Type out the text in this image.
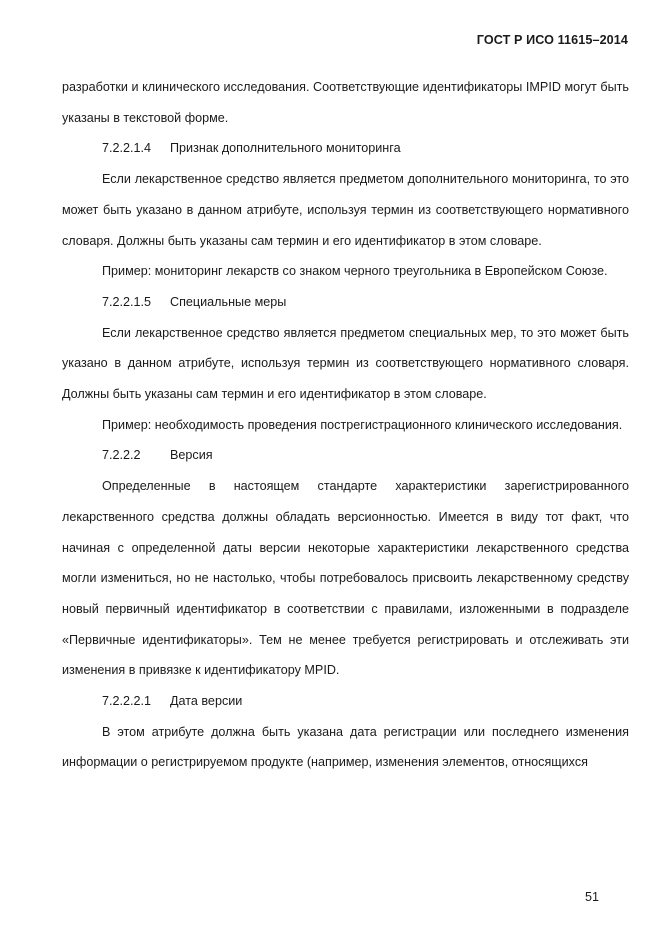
ГОСТ Р ИСО 11615–2014

разработки и клинического исследования. Соответствующие идентификаторы IMPID могут быть указаны в текстовой форме.

7.2.2.1.4 Признак дополнительного мониторинга

Если лекарственное средство является предметом дополнительного мониторинга, то это может быть указано в данном атрибуте, используя термин из соответствующего нормативного словаря. Должны быть указаны сам термин и его идентификатор в этом словаре.

Пример: мониторинг лекарств со знаком черного треугольника в Европейском Союзе.

7.2.2.1.5 Специальные меры

Если лекарственное средство является предметом специальных мер, то это может быть указано в данном атрибуте, используя термин из соответствующего нормативного словаря. Должны быть указаны сам термин и его идентификатор в этом словаре.

Пример: необходимость проведения пострегистрационного клинического исследования.

7.2.2.2 Версия

Определенные в настоящем стандарте характеристики зарегистрированного лекарственного средства должны обладать версионностью. Имеется в виду тот факт, что начиная с определенной даты версии некоторые характеристики лекарственного средства могли измениться, но не настолько, чтобы потребовалось присвоить лекарственному средству новый первичный идентификатор в соответствии с правилами, изложенными в подразделе «Первичные идентификаторы». Тем не менее требуется регистрировать и отслеживать эти изменения в привязке к идентификатору MPID.

7.2.2.2.1 Дата версии

В этом атрибуте должна быть указана дата регистрации или последнего изменения информации о регистрируемом продукте (например, изменения элементов, относящихся

51
